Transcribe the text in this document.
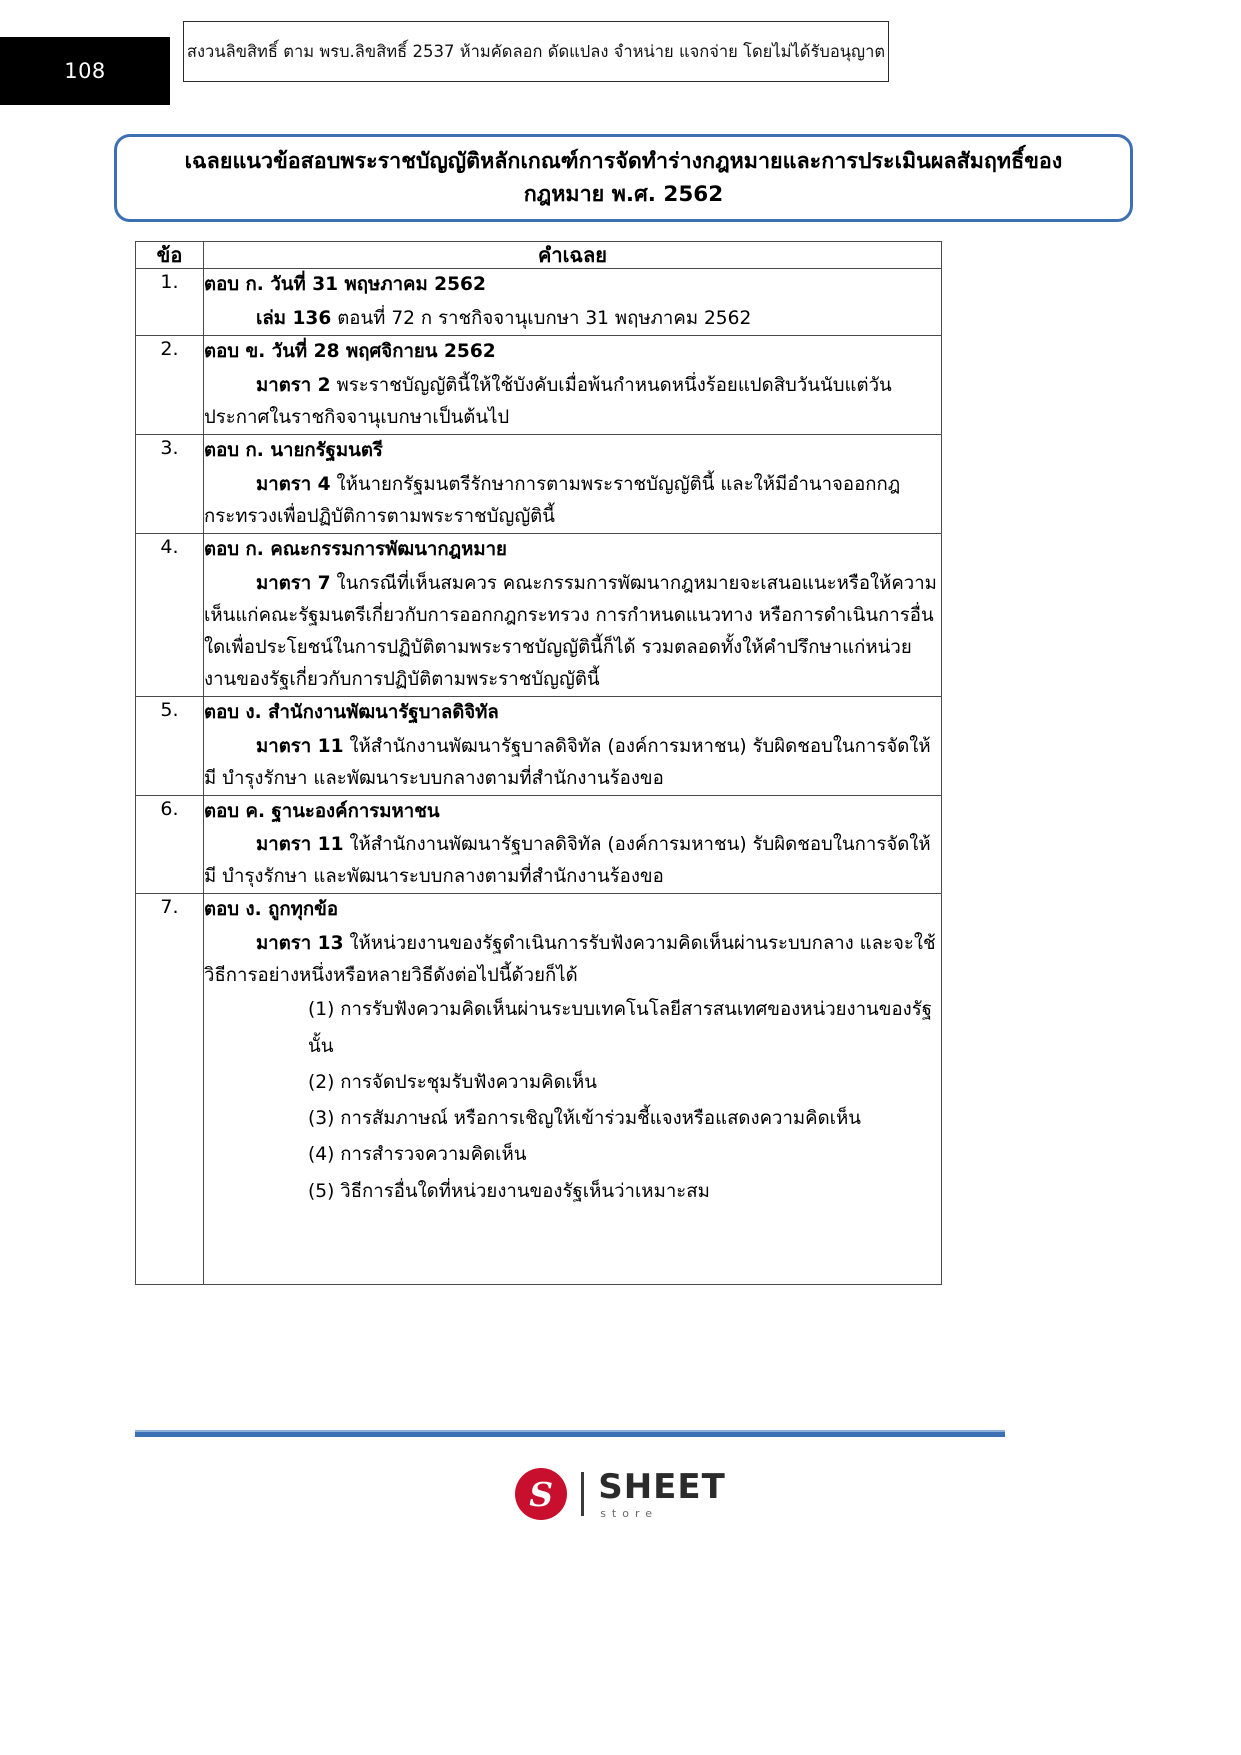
108
สงวนลิขสิทธิ์ ตาม พรบ.ลิขสิทธิ์ 2537 ห้ามคัดลอก ดัดแปลง จำหน่าย แจกจ่าย โดยไม่ได้รับอนุญาต
เฉลยแนวข้อสอบพระราชบัญญัติหลักเกณฑ์การจัดทำร่างกฎหมายและการประเมินผลสัมฤทธิ์ของ
กฎหมาย พ.ศ. 2562
ข้อ	คำเฉลย
1.	ตอบ ก. วันที่ 31 พฤษภาคม 2562
เล่ม 136 ตอนที่ 72 ก ราชกิจจานุเบกษา 31 พฤษภาคม 2562

2.	ตอบ ข. วันที่ 28 พฤศจิกายน 2562
มาตรา 2 พระราชบัญญัตินี้ให้ใช้บังคับเมื่อพ้นกำหนดหนึ่งร้อยแปดสิบวันนับแต่วันประกาศในราชกิจจานุเบกษาเป็นต้นไป

3.	ตอบ ก. นายกรัฐมนตรี
มาตรา 4 ให้นายกรัฐมนตรีรักษาการตามพระราชบัญญัตินี้ และให้มีอำนาจออกกฎกระทรวงเพื่อปฏิบัติการตามพระราชบัญญัตินี้

4.	ตอบ ก. คณะกรรมการพัฒนากฎหมาย
มาตรา 7 ในกรณีที่เห็นสมควร คณะกรรมการพัฒนากฎหมายจะเสนอแนะหรือให้ความเห็นแก่คณะรัฐมนตรีเกี่ยวกับการออกกฎกระทรวง การกำหนดแนวทาง หรือการดำเนินการอื่นใดเพื่อประโยชน์ในการปฏิบัติตามพระราชบัญญัตินี้ก็ได้ รวมตลอดทั้งให้คำปรึกษาแก่หน่วยงานของรัฐเกี่ยวกับการปฏิบัติตามพระราชบัญญัตินี้

5.	ตอบ ง. สำนักงานพัฒนารัฐบาลดิจิทัล
มาตรา 11 ให้สำนักงานพัฒนารัฐบาลดิจิทัล (องค์การมหาชน) รับผิดชอบในการจัดให้มี บำรุงรักษา และพัฒนาระบบกลางตามที่สำนักงานร้องขอ

6.	ตอบ ค. ฐานะองค์การมหาชน
มาตรา 11 ให้สำนักงานพัฒนารัฐบาลดิจิทัล (องค์การมหาชน) รับผิดชอบในการจัดให้มี บำรุงรักษา และพัฒนาระบบกลางตามที่สำนักงานร้องขอ

7.	ตอบ ง. ถูกทุกข้อ
มาตรา 13 ให้หน่วยงานของรัฐดำเนินการรับฟังความคิดเห็นผ่านระบบกลาง และจะใช้วิธีการอย่างหนึ่งหรือหลายวิธีดังต่อไปนี้ด้วยก็ได้
(1) การรับฟังความคิดเห็นผ่านระบบเทคโนโลยีสารสนเทศของหน่วยงานของรัฐนั้น
(2) การจัดประชุมรับฟังความคิดเห็น
(3) การสัมภาษณ์ หรือการเชิญให้เข้าร่วมชี้แจงหรือแสดงความคิดเห็น
(4) การสำรวจความคิดเห็น
(5) วิธีการอื่นใดที่หน่วยงานของรัฐเห็นว่าเหมาะสม
S SHEET
store
